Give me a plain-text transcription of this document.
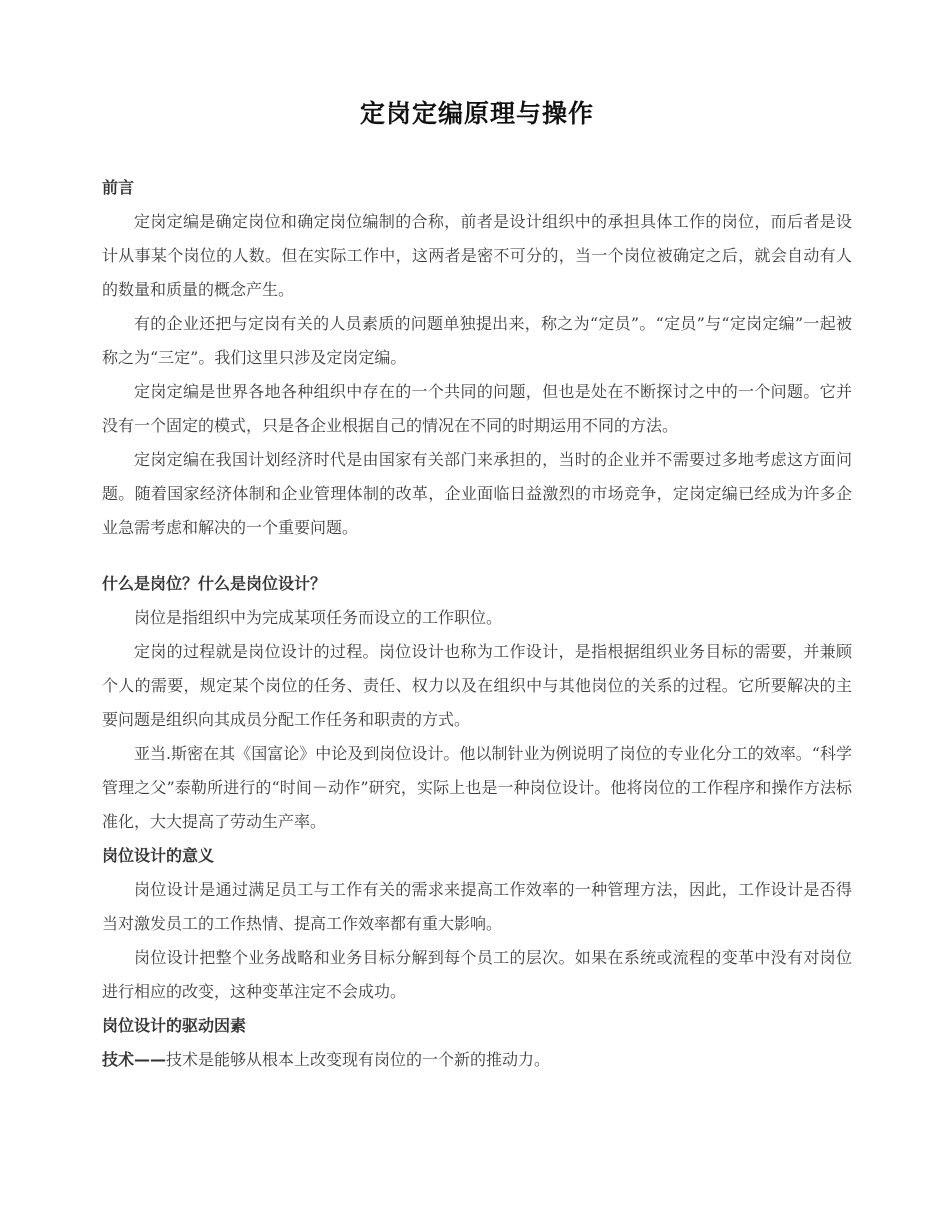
定岗定编原理与操作

前言

定岗定编是确定岗位和确定岗位编制的合称，前者是设计组织中的承担具体工作的岗位，而后者是设计从事某个岗位的人数。但在实际工作中，这两者是密不可分的，当一个岗位被确定之后，就会自动有人的数量和质量的概念产生。

有的企业还把与定岗有关的人员素质的问题单独提出来，称之为“定员”。“定员”与“定岗定编”一起被称之为“三定”。我们这里只涉及定岗定编。

定岗定编是世界各地各种组织中存在的一个共同的问题，但也是处在不断探讨之中的一个问题。它并没有一个固定的模式，只是各企业根据自己的情况在不同的时期运用不同的方法。

定岗定编在我国计划经济时代是由国家有关部门来承担的，当时的企业并不需要过多地考虑这方面问题。随着国家经济体制和企业管理体制的改革，企业面临日益激烈的市场竞争，定岗定编已经成为许多企业急需考虑和解决的一个重要问题。

什么是岗位？什么是岗位设计？

岗位是指组织中为完成某项任务而设立的工作职位。

定岗的过程就是岗位设计的过程。岗位设计也称为工作设计，是指根据组织业务目标的需要，并兼顾个人的需要，规定某个岗位的任务、责任、权力以及在组织中与其他岗位的关系的过程。它所要解决的主要问题是组织向其成员分配工作任务和职责的方式。

亚当.斯密在其《国富论》中论及到岗位设计。他以制针业为例说明了岗位的专业化分工的效率。“科学管理之父”泰勒所进行的“时间－动作”研究，实际上也是一种岗位设计。他将岗位的工作程序和操作方法标准化，大大提高了劳动生产率。

岗位设计的意义

岗位设计是通过满足员工与工作有关的需求来提高工作效率的一种管理方法，因此，工作设计是否得当对激发员工的工作热情、提高工作效率都有重大影响。

岗位设计把整个业务战略和业务目标分解到每个员工的层次。如果在系统或流程的变革中没有对岗位进行相应的改变，这种变革注定不会成功。

岗位设计的驱动因素

技术——技术是能够从根本上改变现有岗位的一个新的推动力。
